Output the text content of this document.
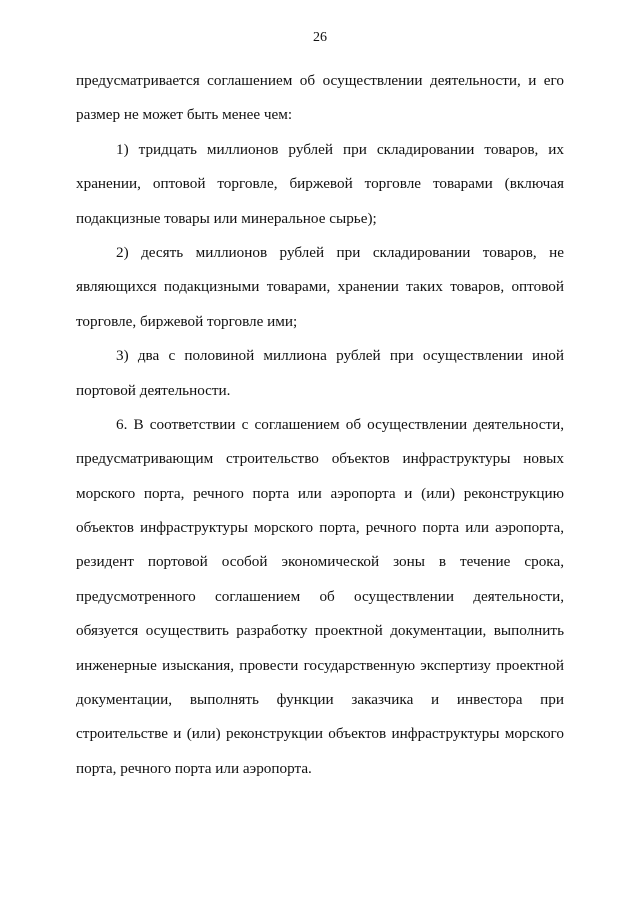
26
предусматривается соглашением об осуществлении деятельности, и его
размер не может быть менее чем:
1) тридцать миллионов рублей при складировании товаров, их
хранении, оптовой торговле, биржевой торговле товарами (включая
подакцизные товары или минеральное сырье);
2) десять миллионов рублей при складировании товаров, не
являющихся подакцизными товарами, хранении таких товаров, оптовой
торговле, биржевой торговле ими;
3) два с половиной миллиона рублей при осуществлении иной
портовой деятельности.
6. В соответствии с соглашением об осуществлении деятельности,
предусматривающим строительство объектов инфраструктуры новых
морского порта, речного порта или аэропорта и (или) реконструкцию
объектов инфраструктуры морского порта, речного порта или аэропорта,
резидент портовой особой экономической зоны в течение срока,
предусмотренного соглашением об осуществлении деятельности,
обязуется осуществить разработку проектной документации, выполнить
инженерные изыскания, провести государственную экспертизу проектной
документации, выполнять функции заказчика и инвестора при
строительстве и (или) реконструкции объектов инфраструктуры морского
порта, речного порта или аэропорта.
